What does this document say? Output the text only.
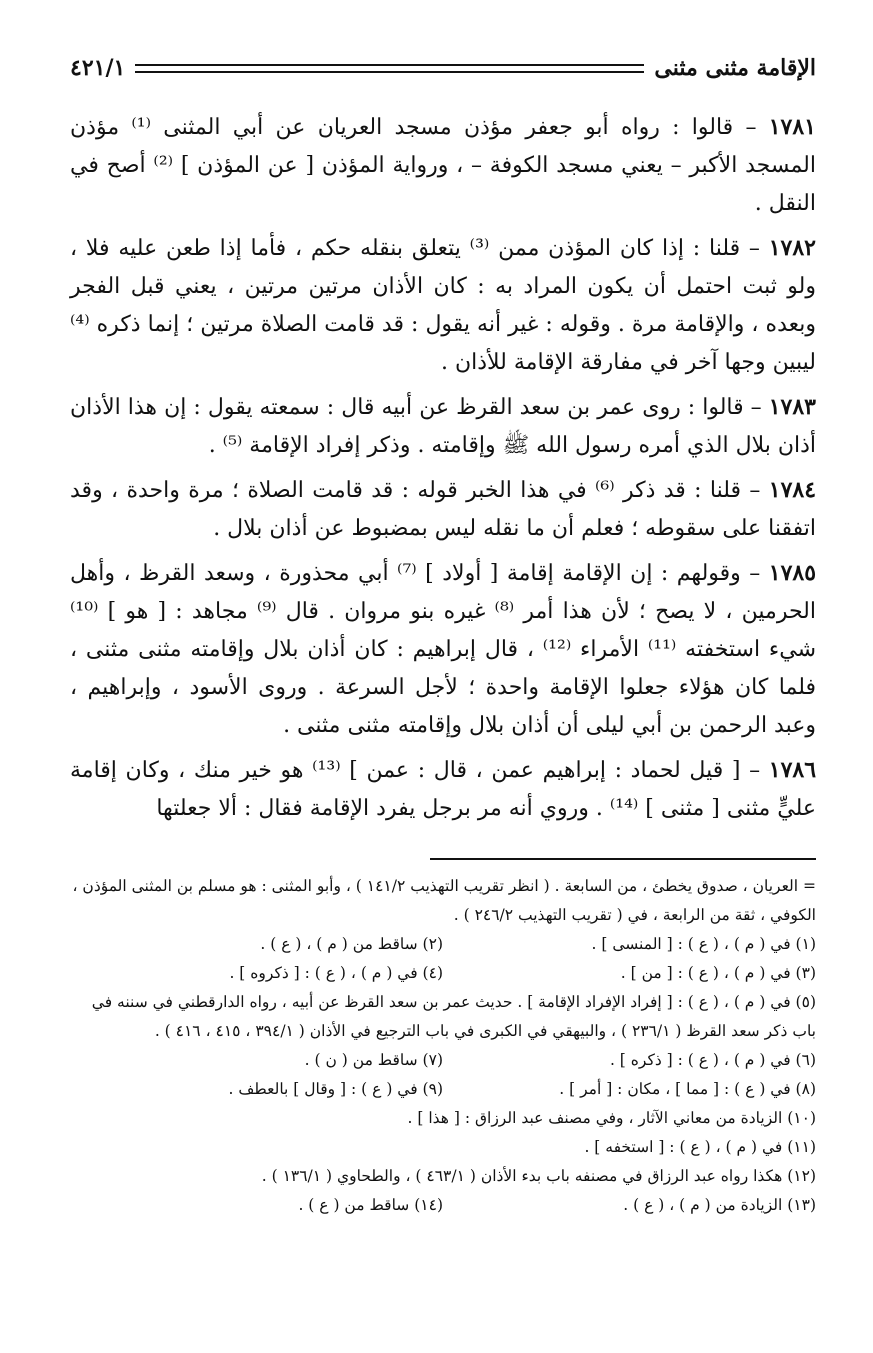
الإقامة مثنى مثنى
٤٢١/١

١٧٨١ – قالوا : رواه أبو جعفر مؤذن مسجد العريان عن أبي المثنى ⁽¹⁾ مؤذن المسجد الأكبر – يعني مسجد الكوفة – ، ورواية المؤذن [ عن المؤذن ] ⁽²⁾ أصح في النقل .

١٧٨٢ – قلنا : إذا كان المؤذن ممن ⁽³⁾ يتعلق بنقله حكم ، فأما إذا طعن عليه فلا ، ولو ثبت احتمل أن يكون المراد به : كان الأذان مرتين مرتين ، يعني قبل الفجر وبعده ، والإقامة مرة . وقوله : غير أنه يقول : قد قامت الصلاة مرتين ؛ إنما ذكره ⁽⁴⁾ ليبين وجها آخر في مفارقة الإقامة للأذان .

١٧٨٣ – قالوا : روى عمر بن سعد القرظ عن أبيه قال : سمعته يقول : إن هذا الأذان أذان بلال الذي أمره رسول الله ﷺ وإقامته . وذكر إفراد الإقامة ⁽⁵⁾ .

١٧٨٤ – قلنا : قد ذكر ⁽⁶⁾ في هذا الخبر قوله : قد قامت الصلاة ؛ مرة واحدة ، وقد اتفقنا على سقوطه ؛ فعلم أن ما نقله ليس بمضبوط عن أذان بلال .

١٧٨٥ – وقولهم : إن الإقامة إقامة [ أولاد ] ⁽⁷⁾ أبي محذورة ، وسعد القرظ ، وأهل الحرمين ، لا يصح ؛ لأن هذا أمر ⁽⁸⁾ غيره بنو مروان . قال ⁽⁹⁾ مجاهد : [ هو ] ⁽¹⁰⁾ شيء استخفته ⁽¹¹⁾ الأمراء ⁽¹²⁾ ، قال إبراهيم : كان أذان بلال وإقامته مثنى مثنى ، فلما كان هؤلاء جعلوا الإقامة واحدة ؛ لأجل السرعة . وروى الأسود ، وإبراهيم ، وعبد الرحمن بن أبي ليلى أن أذان بلال وإقامته مثنى مثنى .

١٧٨٦ – [ قيل لحماد : إبراهيم عمن ، قال : عمن ] ⁽¹³⁾ هو خير منك ، وكان إقامة عليٍّ مثنى [ مثنى ] ⁽¹⁴⁾ . وروي أنه مر برجل يفرد الإقامة فقال : ألا جعلتها

= العريان ، صدوق يخطئ ، من السابعة . ( انظر تقريب التهذيب ١٤١/٢ ) ، وأبو المثنى : هو مسلم بن المثنى المؤذن ، الكوفي ، ثقة من الرابعة ، في ( تقريب التهذيب ٢٤٦/٢ ) .
(١) في ( م ) ، ( ع ) : [ المنسى ] .
(٢) ساقط من ( م ) ، ( ع ) .
(٣) في ( م ) ، ( ع ) : [ من ] .
(٤) في ( م ) ، ( ع ) : [ ذكروه ] .
(٥) في ( م ) ، ( ع ) : [ إفراد الإفراد الإقامة ] . حديث عمر بن سعد القرظ عن أبيه ، رواه الدارقطني في سننه في باب ذكر سعد القرظ ( ٢٣٦/١ ) ، والبيهقي في الكبرى في باب الترجيع في الأذان ( ٣٩٤/١ ، ٤١٥ ، ٤١٦ ) .
(٦) في ( م ) ، ( ع ) : [ ذكره ] .
(٧) ساقط من ( ن ) .
(٨) في ( ع ) : [ مما ] ، مكان : [ أمر ] .
(٩) في ( ع ) : [ وقال ] بالعطف .
(١٠) الزيادة من معاني الآثار ، وفي مصنف عبد الرزاق : [ هذا ] .
(١١) في ( م ) ، ( ع ) : [ استخفه ] .
(١٢) هكذا رواه عبد الرزاق في مصنفه باب بدء الأذان ( ٤٦٣/١ ) ، والطحاوي ( ١٣٦/١ ) .
(١٣) الزيادة من ( م ) ، ( ع ) .
(١٤) ساقط من ( ع ) .
